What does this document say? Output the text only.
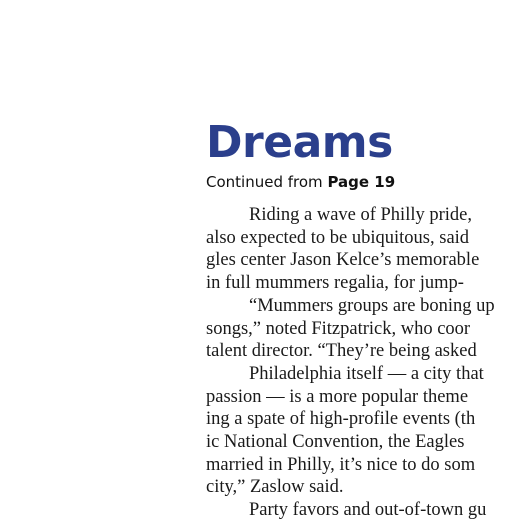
Dreams
Continued from Page 19
Riding a wave of Philly pride,
also expected to be ubiquitous, said
gles center Jason Kelce’s memorable
in full mummers regalia, for jump-
“Mummers groups are boning up
songs,” noted Fitzpatrick, who coor
talent director. “They’re being asked
Philadelphia itself — a city that
passion — is a more popular theme
ing a spate of high-profile events (th
ic National Convention, the Eagles
married in Philly, it’s nice to do som
city,” Zaslow said.
Party favors and out-of-town gu
